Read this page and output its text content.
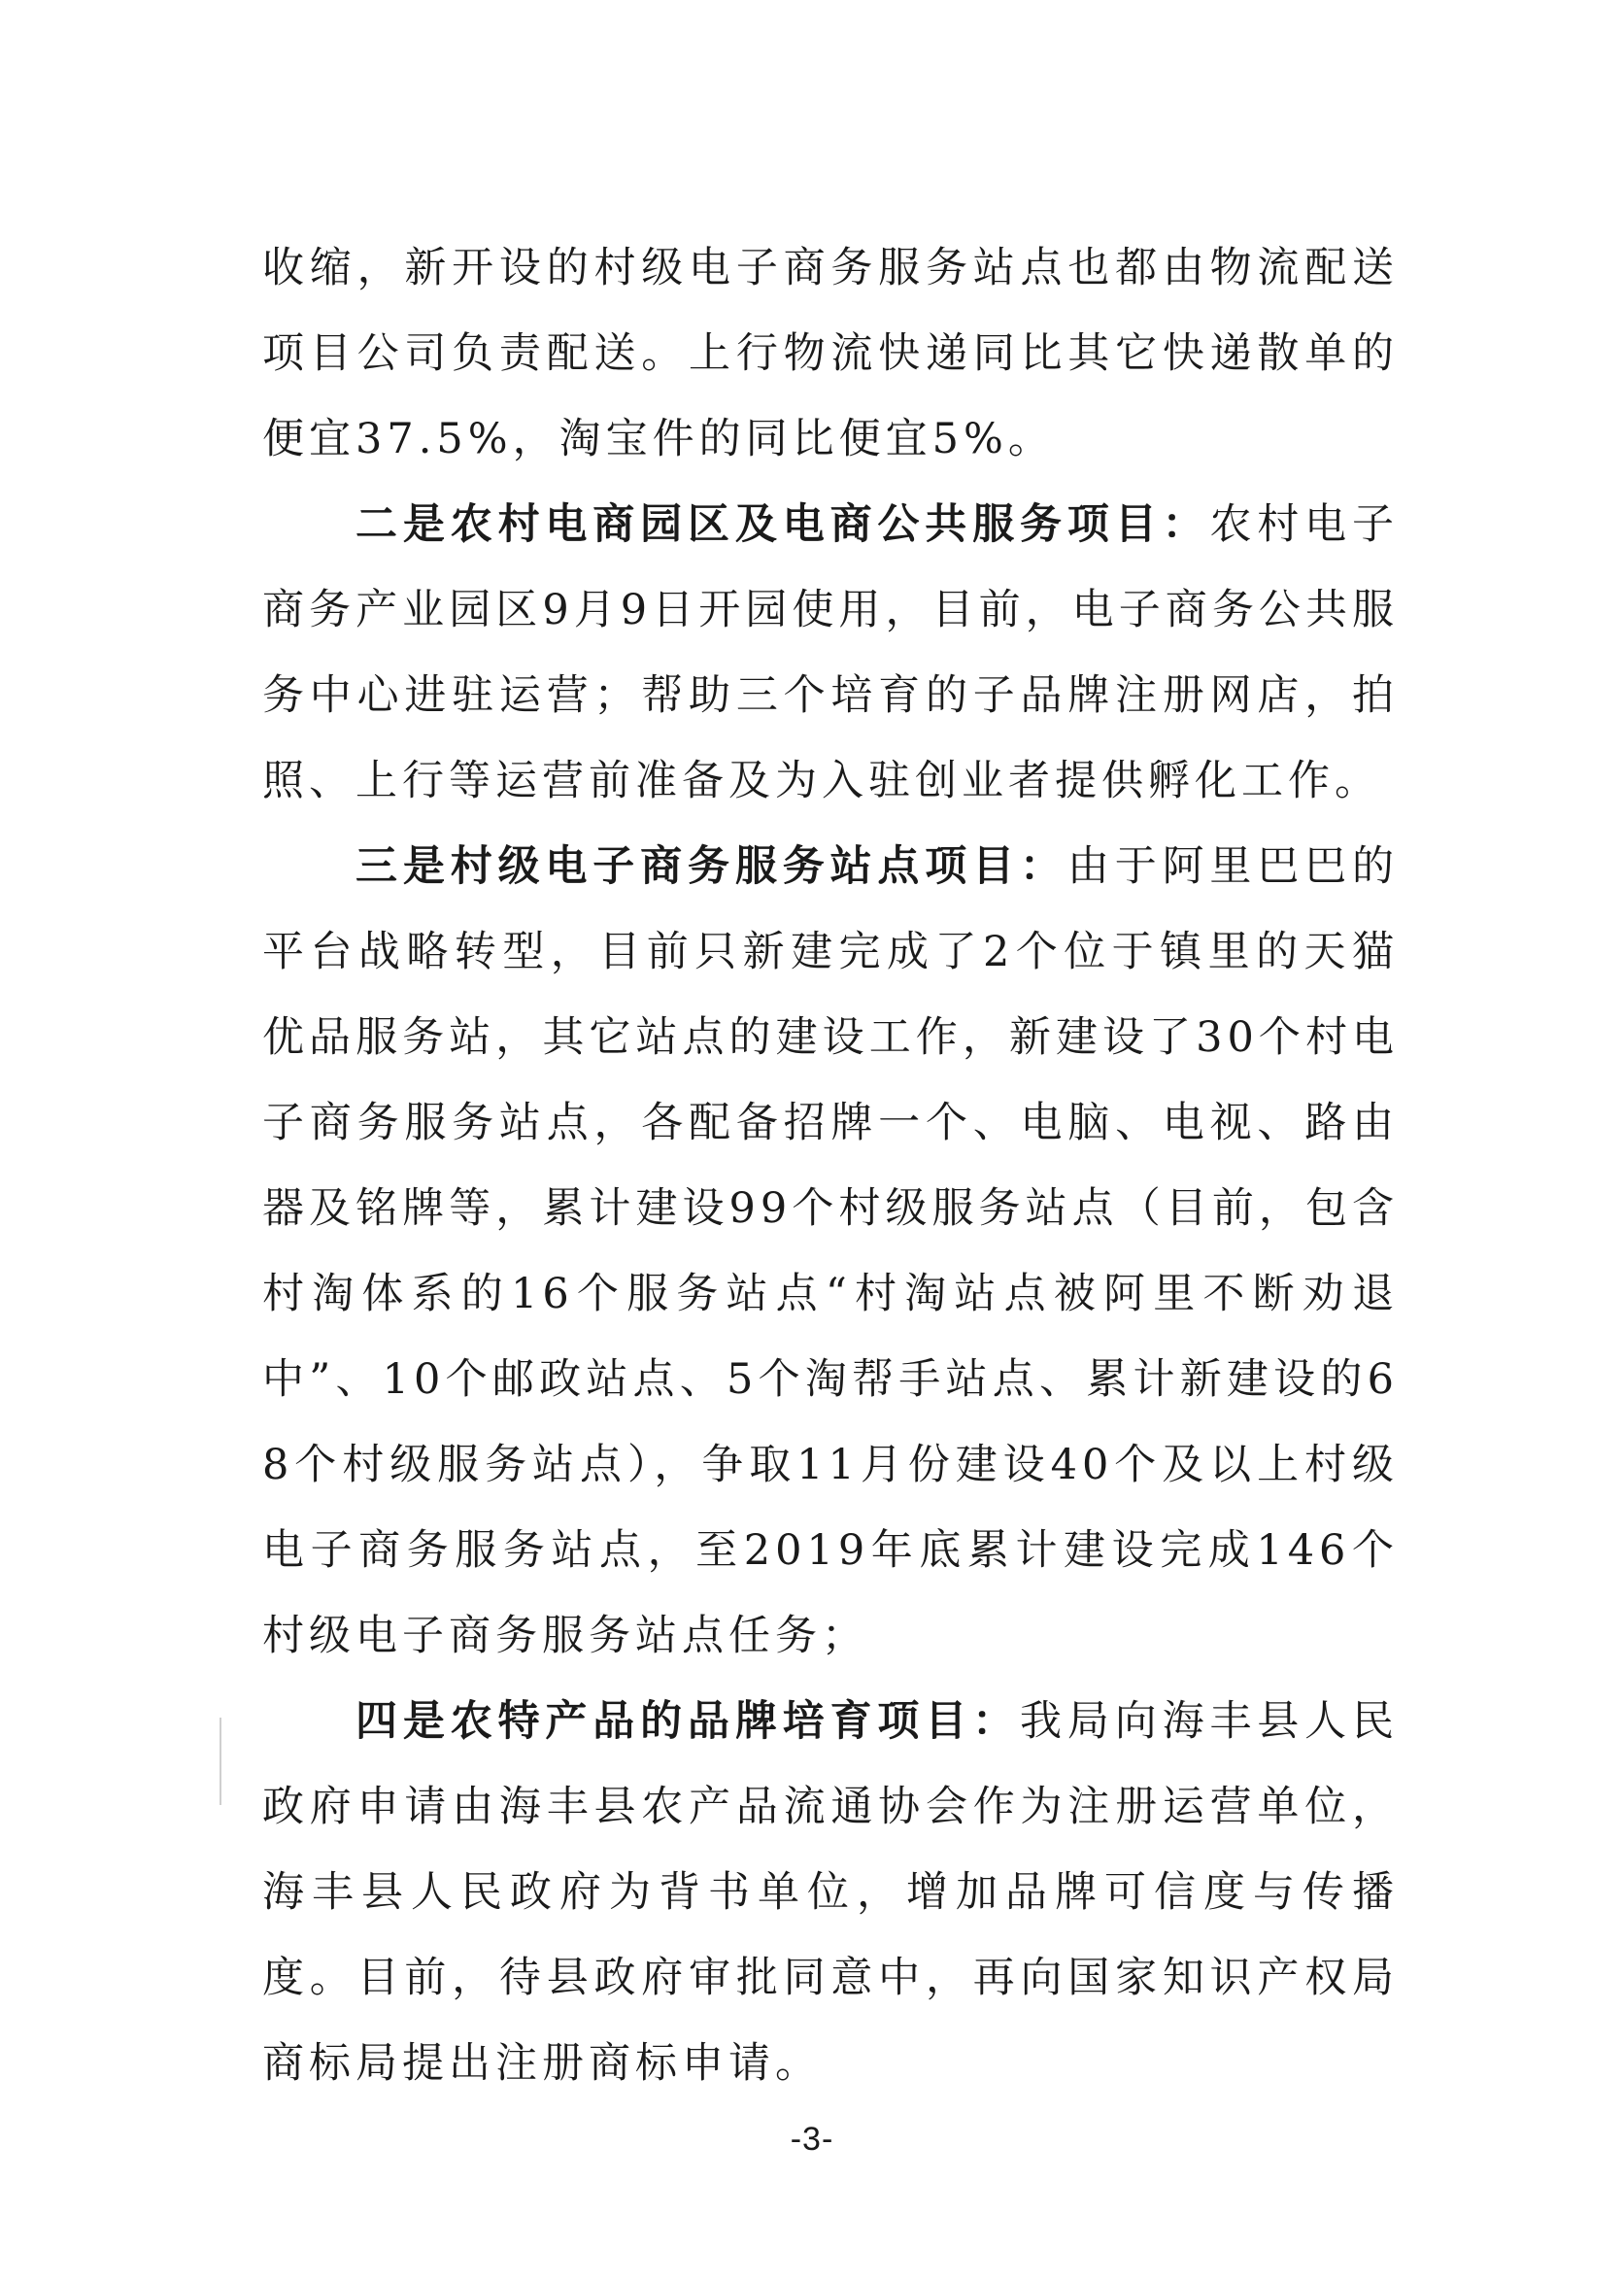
收缩，新开设的村级电子商务服务站点也都由物流配送项目公司负责配送。上行物流快递同比其它快递散单的便宜37.5%，淘宝件的同比便宜5%。

二是农村电商园区及电商公共服务项目：农村电子商务产业园区9月9日开园使用，目前，电子商务公共服务中心进驻运营；帮助三个培育的子品牌注册网店，拍照、上行等运营前准备及为入驻创业者提供孵化工作。

三是村级电子商务服务站点项目：由于阿里巴巴的平台战略转型，目前只新建完成了2个位于镇里的天猫优品服务站，其它站点的建设工作，新建设了30个村电子商务服务站点，各配备招牌一个、电脑、电视、路由器及铭牌等，累计建设99个村级服务站点（目前，包含村淘体系的16个服务站点“村淘站点被阿里不断劝退中”、10个邮政站点、5个淘帮手站点、累计新建设的68个村级服务站点），争取11月份建设40个及以上村级电子商务服务站点，至2019年底累计建设完成146个村级电子商务服务站点任务；

四是农特产品的品牌培育项目：我局向海丰县人民政府申请由海丰县农产品流通协会作为注册运营单位，海丰县人民政府为背书单位，增加品牌可信度与传播度。目前，待县政府审批同意中，再向国家知识产权局商标局提出注册商标申请。

-3-
